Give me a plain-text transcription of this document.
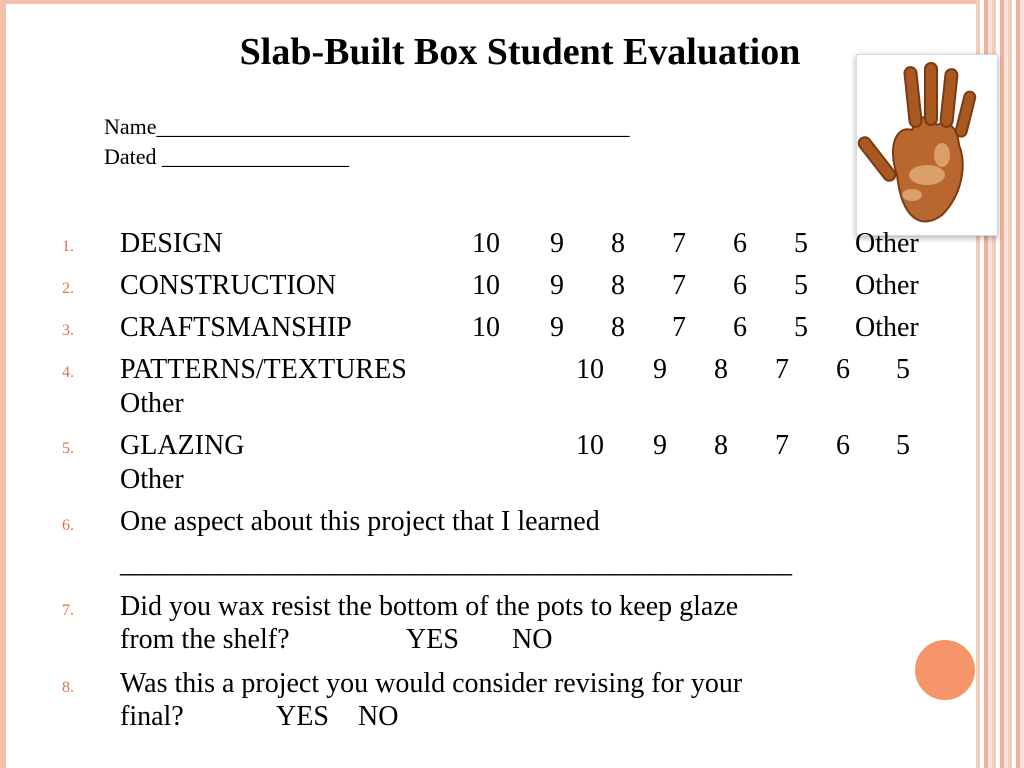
Slab-Built Box Student Evaluation
Name___________________________________________
Dated _________________
1. DESIGN	10 9 8 7 6 5 Other
2. CONSTRUCTION	10 9 8 7 6 5 Other
3. CRAFTSMANSHIP	10 9 8 7 6 5 Other
4. PATTERNS/TEXTURES	10 9 8 7 6 5
Other
5. GLAZING	10 9 8 7 6 5
Other
6. One aspect about this project that I learned
________________________________________________
7. Did you wax resist the bottom of the pots to keep glaze
from the shelf?	YES NO
8. Was this a project you would consider revising for your
final?	YES NO
